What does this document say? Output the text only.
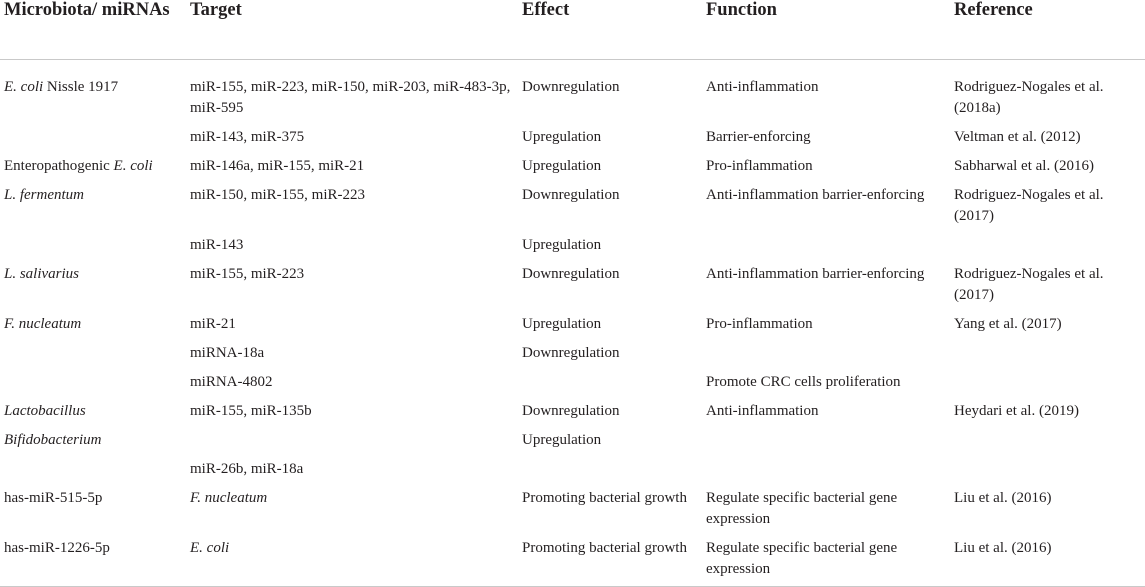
Microbiota/ miRNAs	Target	Effect	Function	Reference
E. coli Nissle 1917	miR-155, miR-223, miR-150, miR-203, miR-483-3p, miR-595	Downregulation	Anti-inflammation	Rodriguez-Nogales et al. (2018a)
	miR-143, miR-375	Upregulation	Barrier-enforcing	Veltman et al. (2012)
Enteropathogenic E. coli	miR-146a, miR-155, miR-21	Upregulation	Pro-inflammation	Sabharwal et al. (2016)
L. fermentum	miR-150, miR-155, miR-223	Downregulation	Anti-inflammation barrier-enforcing	Rodriguez-Nogales et al. (2017)
	miR-143	Upregulation		
L. salivarius	miR-155, miR-223	Downregulation	Anti-inflammation barrier-enforcing	Rodriguez-Nogales et al. (2017)
F. nucleatum	miR-21	Upregulation	Pro-inflammation	Yang et al. (2017)
	miRNA-18a	Downregulation		
	miRNA-4802		Promote CRC cells proliferation	
Lactobacillus	miR-155, miR-135b	Downregulation	Anti-inflammation	Heydari et al. (2019)
Bifidobacterium		Upregulation		
	miR-26b, miR-18a			
has-miR-515-5p	F. nucleatum	Promoting bacterial growth	Regulate specific bacterial gene expression	Liu et al. (2016)
has-miR-1226-5p	E. coli	Promoting bacterial growth	Regulate specific bacterial gene expression	Liu et al. (2016)
